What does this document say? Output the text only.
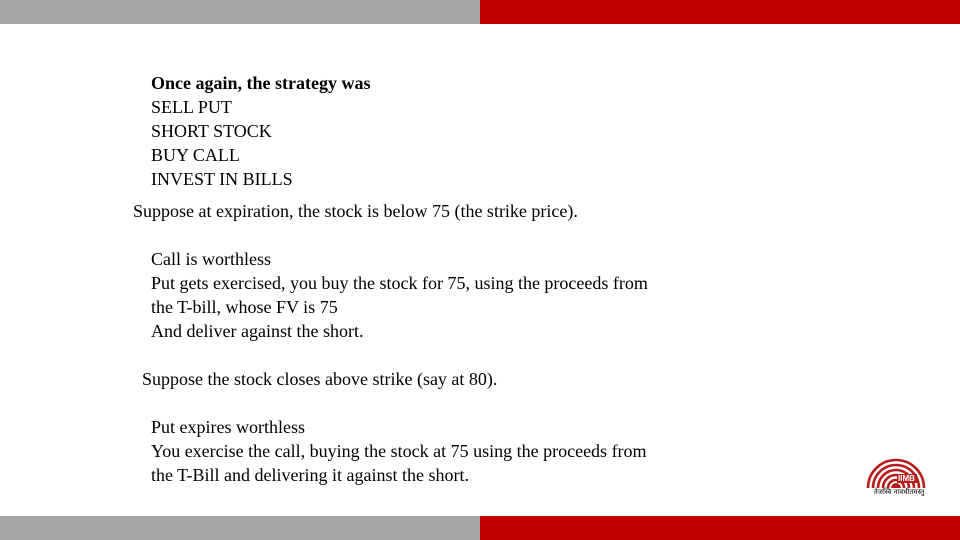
Once again, the strategy was

SELL PUT

SHORT STOCK

BUY CALL

INVEST IN BILLS

Suppose at expiration, the stock is below 75 (the strike price).

Call is worthless

Put gets exercised, you buy the stock for 75, using the proceeds from

the T-bill, whose FV is 75

And deliver against the short.

Suppose the stock closes above strike (say at 80).

Put expires worthless

You exercise the call, buying the stock at 75 using the proceeds from

the T-Bill and delivering it against the short.	IIMB
तेजस्वि नावधीतमस्तु
